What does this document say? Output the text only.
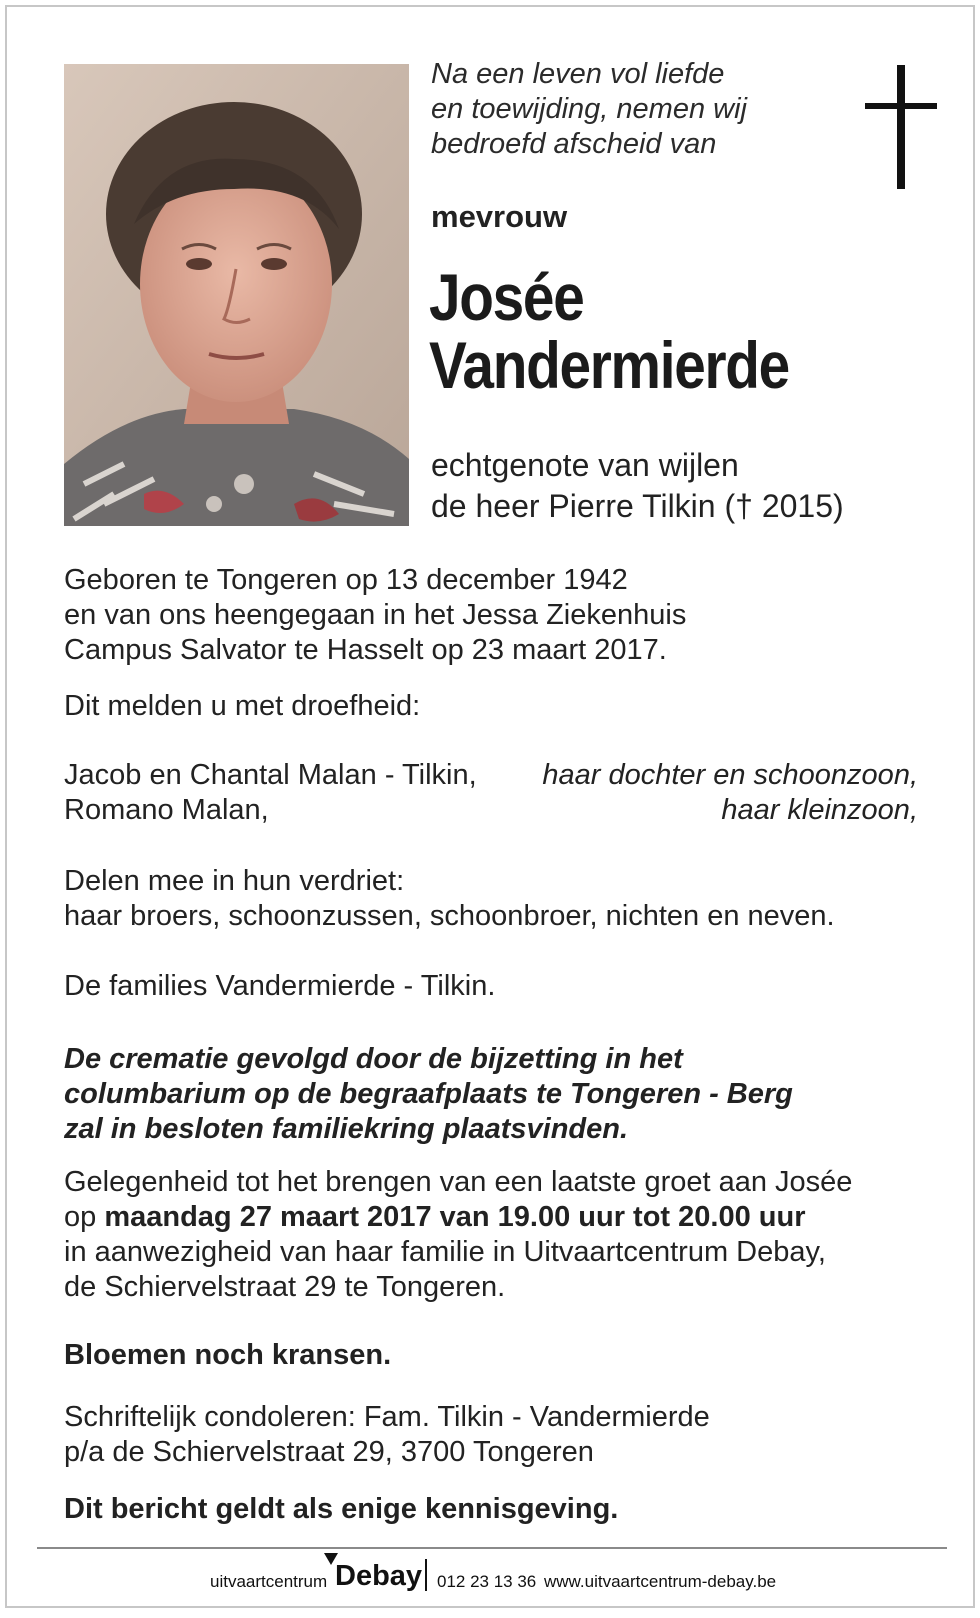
Na een leven vol liefde
en toewijding, nemen wij
bedroefd afscheid van
mevrouw
Josée
Vandermierde
echtgenote van wijlen
de heer Pierre Tilkin († 2015)
Geboren te Tongeren op 13 december 1942
en van ons heengegaan in het Jessa Ziekenhuis
Campus Salvator te Hasselt op 23 maart 2017.
Dit melden u met droefheid:
Jacob en Chantal Malan - Tilkin, haar dochter en schoonzoon,
Romano Malan,	haar kleinzoon,
Delen mee in hun verdriet:
haar broers, schoonzussen, schoonbroer, nichten en neven.
De families Vandermierde - Tilkin.
De crematie gevolgd door de bijzetting in het
columbarium op de begraafplaats te Tongeren - Berg
zal in besloten familiekring plaatsvinden.
Gelegenheid tot het brengen van een laatste groet aan Josée
op maandag 27 maart 2017 van 19.00 uur tot 20.00 uur
in aanwezigheid van haar familie in Uitvaartcentrum Debay,
de Schiervelstraat 29 te Tongeren.
Bloemen noch kransen.
Schriftelijk condoleren: Fam. Tilkin - Vandermierde
p/a de Schiervelstraat 29, 3700 Tongeren
Dit bericht geldt als enige kennisgeving.
uitvaartcentrum Debay 012 23 13 36 www.uitvaartcentrum-debay.be
